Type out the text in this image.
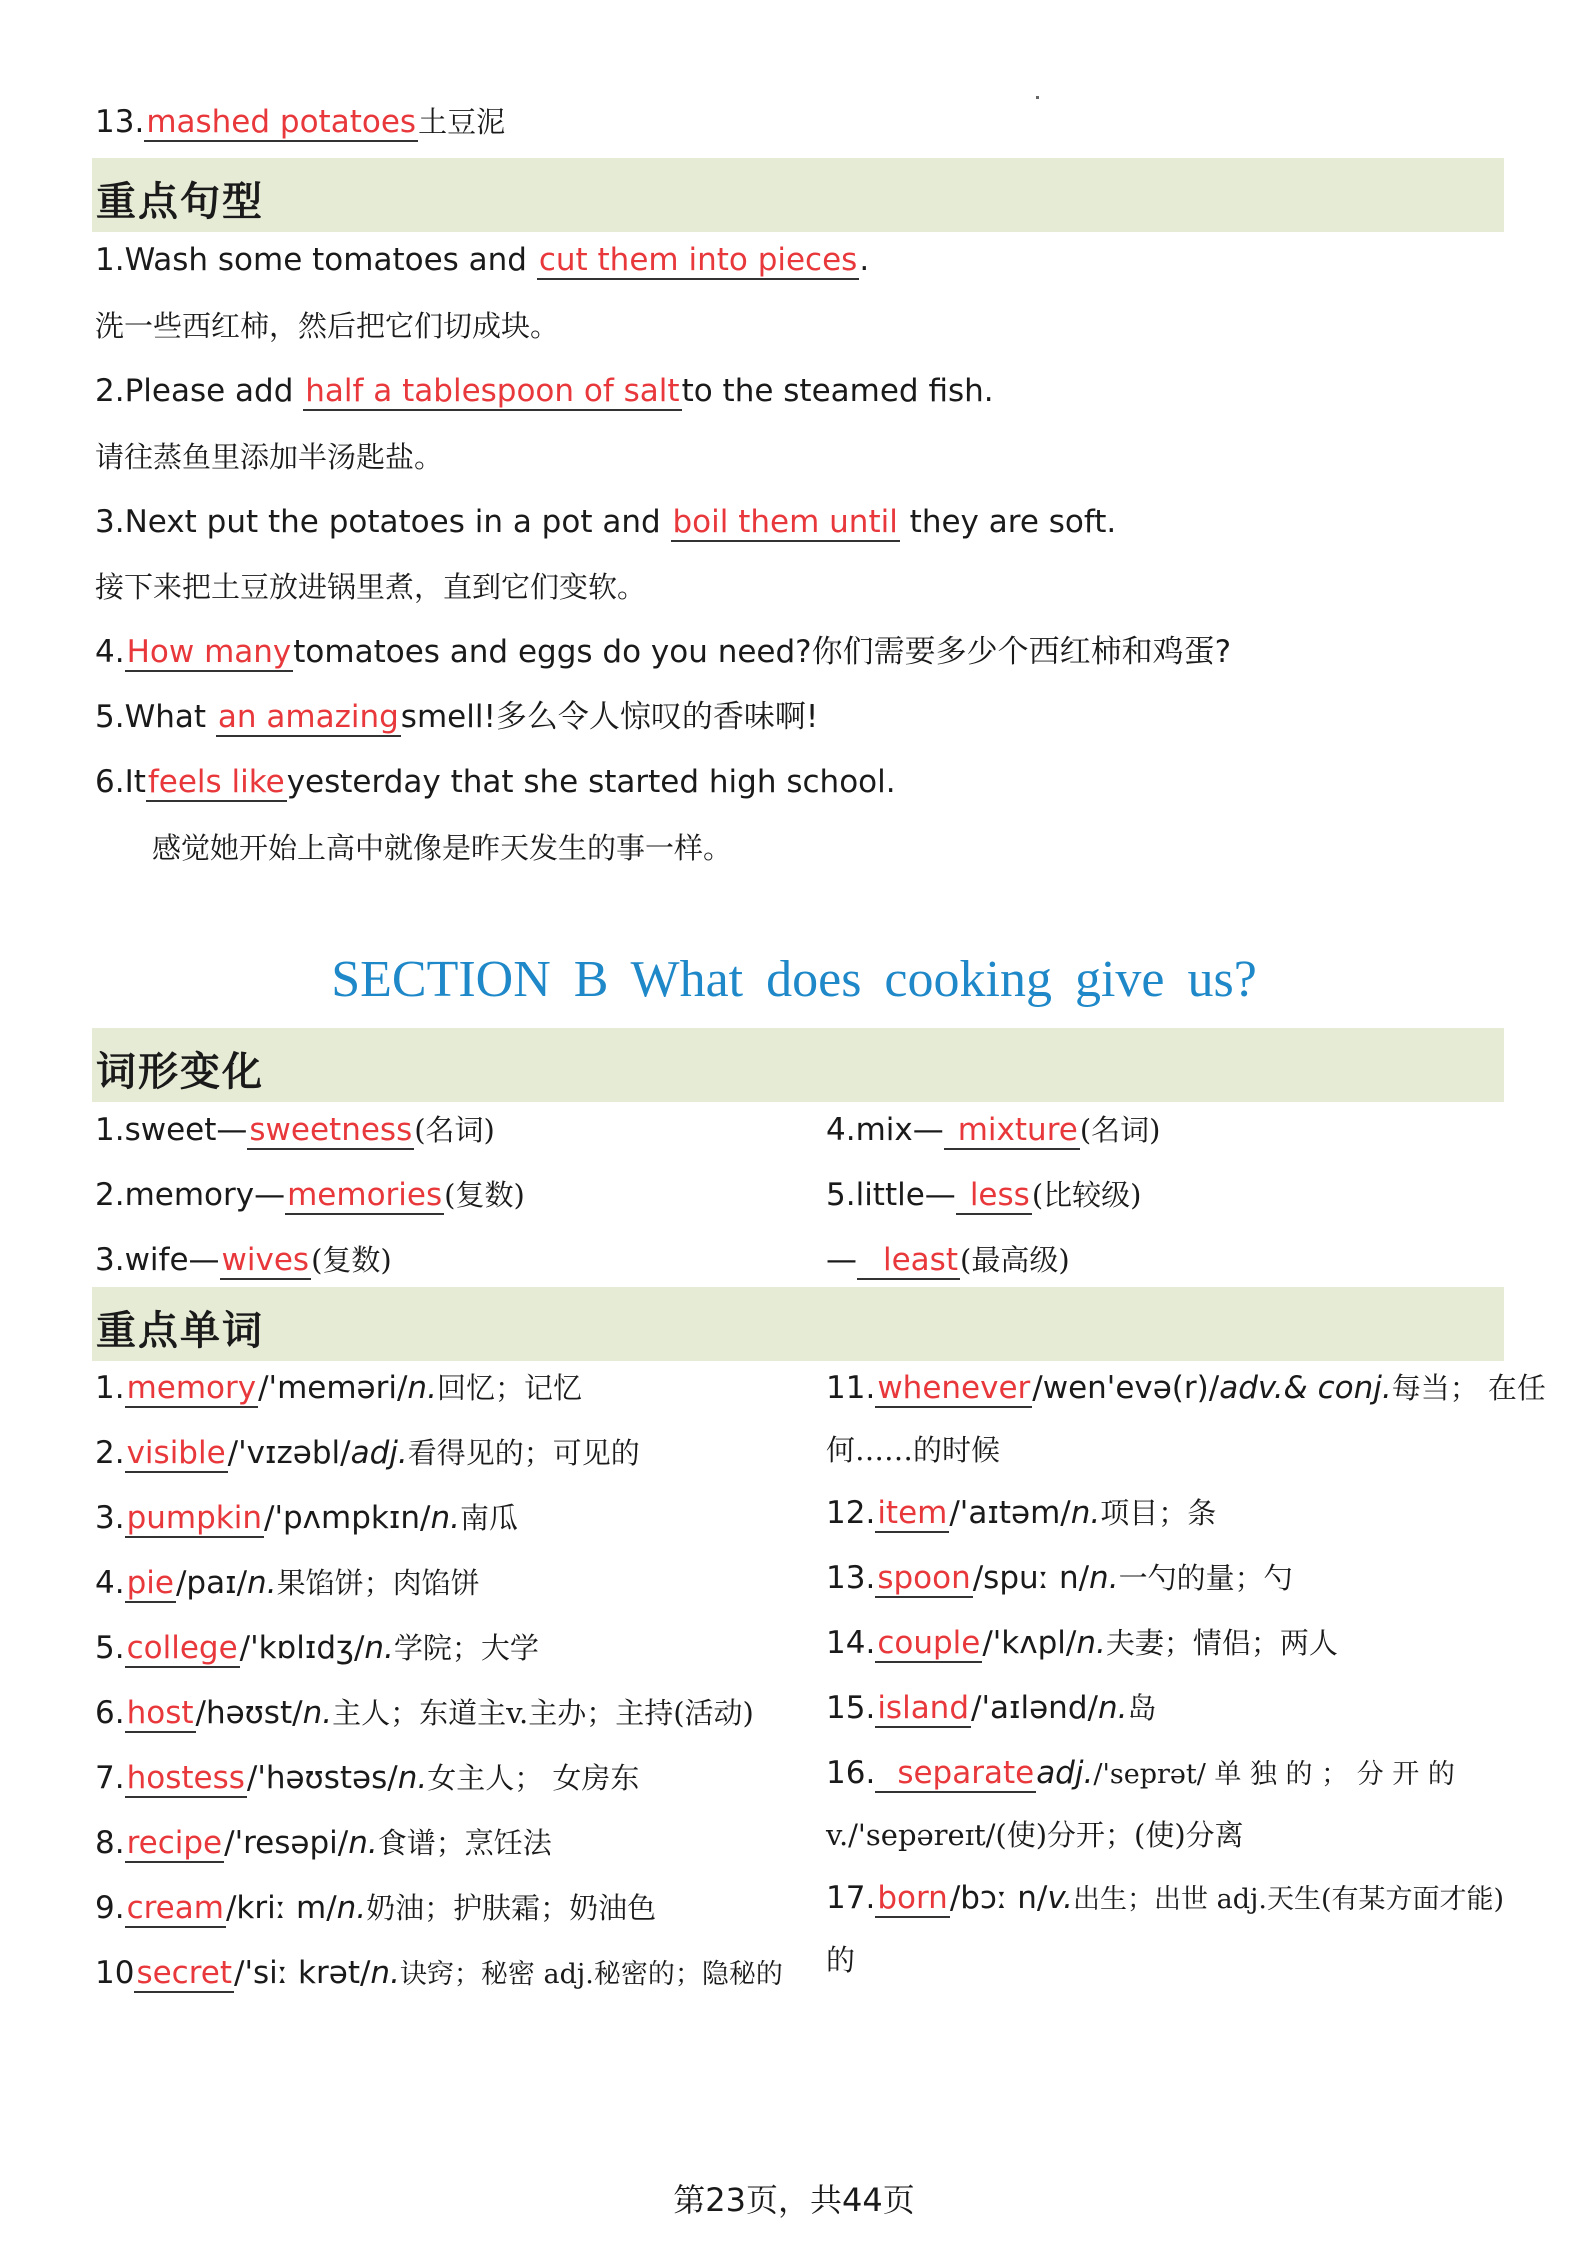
13.mashed potatoes土豆泥
重点句型
1.Wash some tomatoes and cut them into pieces.
洗一些西红柿，然后把它们切成块。
2.Please add half a tablespoon of saltto the steamed fish.
请往蒸鱼里添加半汤匙盐。
3.Next put the potatoes in a pot and boil them until they are soft.
接下来把土豆放进锅里煮，直到它们变软。
4.How manytomatoes and eggs do you need?你们需要多少个西红柿和鸡蛋?
5.What an amazingsmell!多么令人惊叹的香味啊!
6.Itfeels likeyesterday that she started high school.
感觉她开始上高中就像是昨天发生的事一样。
SECTION B What does cooking give us?
词形变化
1.sweet—sweetness(名词)
2.memory—memories(复数)
3.wife—wives(复数)
4.mix— mixture(名词)
5.little— less(比较级)
— least(最高级)
重点单词
1.memory/'meməri/n.回忆；记忆
2.visible/'vɪzəbl/adj.看得见的；可见的
3.pumpkin/'pʌmpkɪn/n.南瓜
4.pie/paɪ/n.果馅饼；肉馅饼
5.college/'kɒlɪdʒ/n.学院；大学
6.host/həʊst/n.主人；东道主v.主办；主持(活动)
7.hostess/'həʊstəs/n.女主人； 女房东
8.recipe/'resəpi/n.食谱；烹饪法
9.cream/kriː m/n.奶油；护肤霜；奶油色
10secret/'siː krət/n.诀窍；秘密 adj.秘密的；隐秘的
11.whenever/wen'evə(r)/adv.& conj.每当； 在任
何……的时候
12.item/'aɪtəm/n.项目；条
13.spoon/spuː n/n.一勺的量；勺
14.couple/'kʌpl/n.夫妻；情侣；两人
15.island/'aɪlənd/n.岛
16. separateadj./'seprət/ 单 独 的 ； 分 开 的
v./'sepəreɪt/(使)分开；(使)分离
17.born/bɔː n/v.出生；出世 adj.天生(有某方面才能)
的
第23页，共44页
